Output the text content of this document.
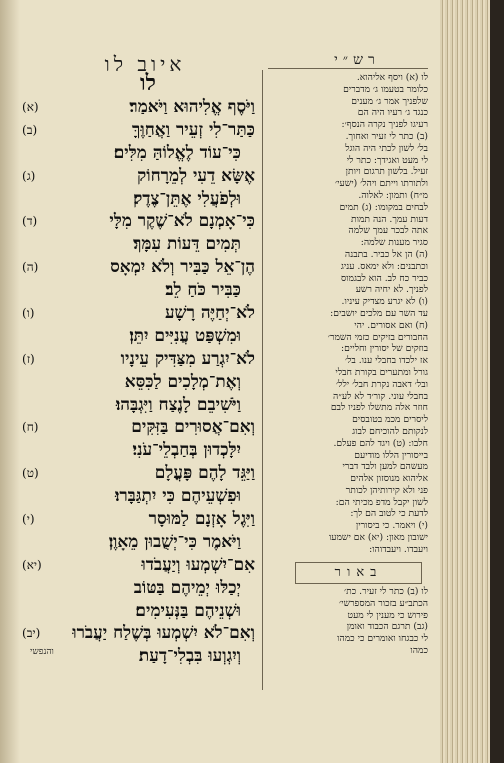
איוב לו
לו
(א)	וַיֹּסֶף אֱלִיהוּא וַיֹּאמַר׃
(ב)	כַּתַּר־לִי זְעֵיר וַאֲחַוֶּךָּ
כִּי־עוֹד לֶאֱלוֹהַּ מִלִּים׃
(ג)	אֶשָּׂא דֵעִי לְמֵרָחוֹק
וּלְפֹעֲלִי אֶתֵּן־צֶדֶק׃
(ד)	כִּי־אָמְנָם לֹא־שֶׁקֶר מִלָּי
תְּמִים דֵּעוֹת עִמָּךְ׃
(ה)	הֶן־אֵל כַּבִּיר וְלֹא יִמְאָס
כַּבִּיר כֹּחַ לֵב׃
(ו)	לֹא־יְחַיֶּה רָשָׁע
וּמִשְׁפַּט עֲנִיִּים יִתֵּן׃
(ז)	לֹא־יִגְרַע מִצַּדִּיק עֵינָיו
וְאֶת־מְלָכִים לַכִּסֵּא
וַיֹּשִׁיבֵם לָנֶצַח וַיִּגְבָּהוּ׃
(ח)	וְאִם־אֲסוּרִים בַּזִּקִּים
יִלָּכְדוּן בְּחַבְלֵי־עֹנִי׃
(ט)	וַיַּגֵּד לָהֶם פָּעֳלָם
וּפִשְׁעֵיהֶם כִּי יִתְגַּבָּרוּ׃
(י)	וַיִּגֶל אָזְנָם לַמּוּסָר
וַיֹּאמֶר כִּי־יְשֻׁבוּן מֵאָוֶן׃
(יא)	אִם־יִשְׁמְעוּ וְיַעֲבֹדוּ
יְכַלּוּ יְמֵיהֶם בַּטּוֹב
וּשְׁנֵיהֶם בַּנְּעִימִים׃
(יב)	וְאִם־לֹא יִשְׁמְעוּ בְּשֶׁלַח יַעֲבֹרוּ
וְיִגְוְעוּ בִּבְלִי־דָעַת׃
רש״י
לו (א) ויסף אליהוא.
כלומר בטעמו ג׳ מדברים
שלפניך אמר ג׳ מענים
כנגד ג׳ רעיו היה הם
רעיגו לפניך נקרה הנסף׳:
(ב) כתר לי זעיר ואחוך.
בל׳ לשון לכתי היה הוגל
לי מעט ואגידך: כתר לי
זעיל. בלשון תרגום ויותן
ולתורתו וייתם ויהל׳ (ישעי׳
מ״ח) ותמון: לאלוה.
לבחים במקומו: (ג) תמים
דעות עמך. הנה תמות
אתה לבכר עמך שלמה
סגיר מענות שלמה:
(ה) הן אל כביר. בתבנה
וכתבנים: ולא ימאס. עניג
כביר כח לב. הוא לבגמוס
לפניך. לא יחיה רשע
(ו) לא יגרע מצדיק עיניו.
עד השר עם מלכים יושבים:
(ח) ואם אסורים. יהי
החבורים בזיקים כזמי השמר׳
בוזקים של יסורין וחליים:
אז ילכדו בחבלי ענו. בל׳
גורל ומתערים בקורת חבלי
ובל׳ דאבה נקרת חבל׳ ילל׳
בחבלי עוני. קור׳ד לא לע״ה
חוזר אלה מתשלו לפניו לבם
ליסרים מכמ בטובסים
לנקותם להוכיחם לבוג
חלבו: (ט) ויגד להם פעלם.
בייסורין הללו מודיעם
מעשהם למען ולבד דברי
אליהוא מנוסזון אלהים
פני ולא קירותיהן לכותר
לשון יקבל מדפ מכיתי הם:
לדעת כי לטוב הם לך:
(י) ויאמר. כי ביסורין
ישובון מאון: (יא) אם ישמעו
ויעבדו. ויעבדוהו:
באור
לו (ב) כתר לי זעיר. כת׳
הכתב״ע בזכור המספרשי׳
פירוש כי מענין לי מעט
(גב) תרגם הכבוד ואומן
לי כבגחו ואומרים כי כמהו
כמהו
והנפשי
